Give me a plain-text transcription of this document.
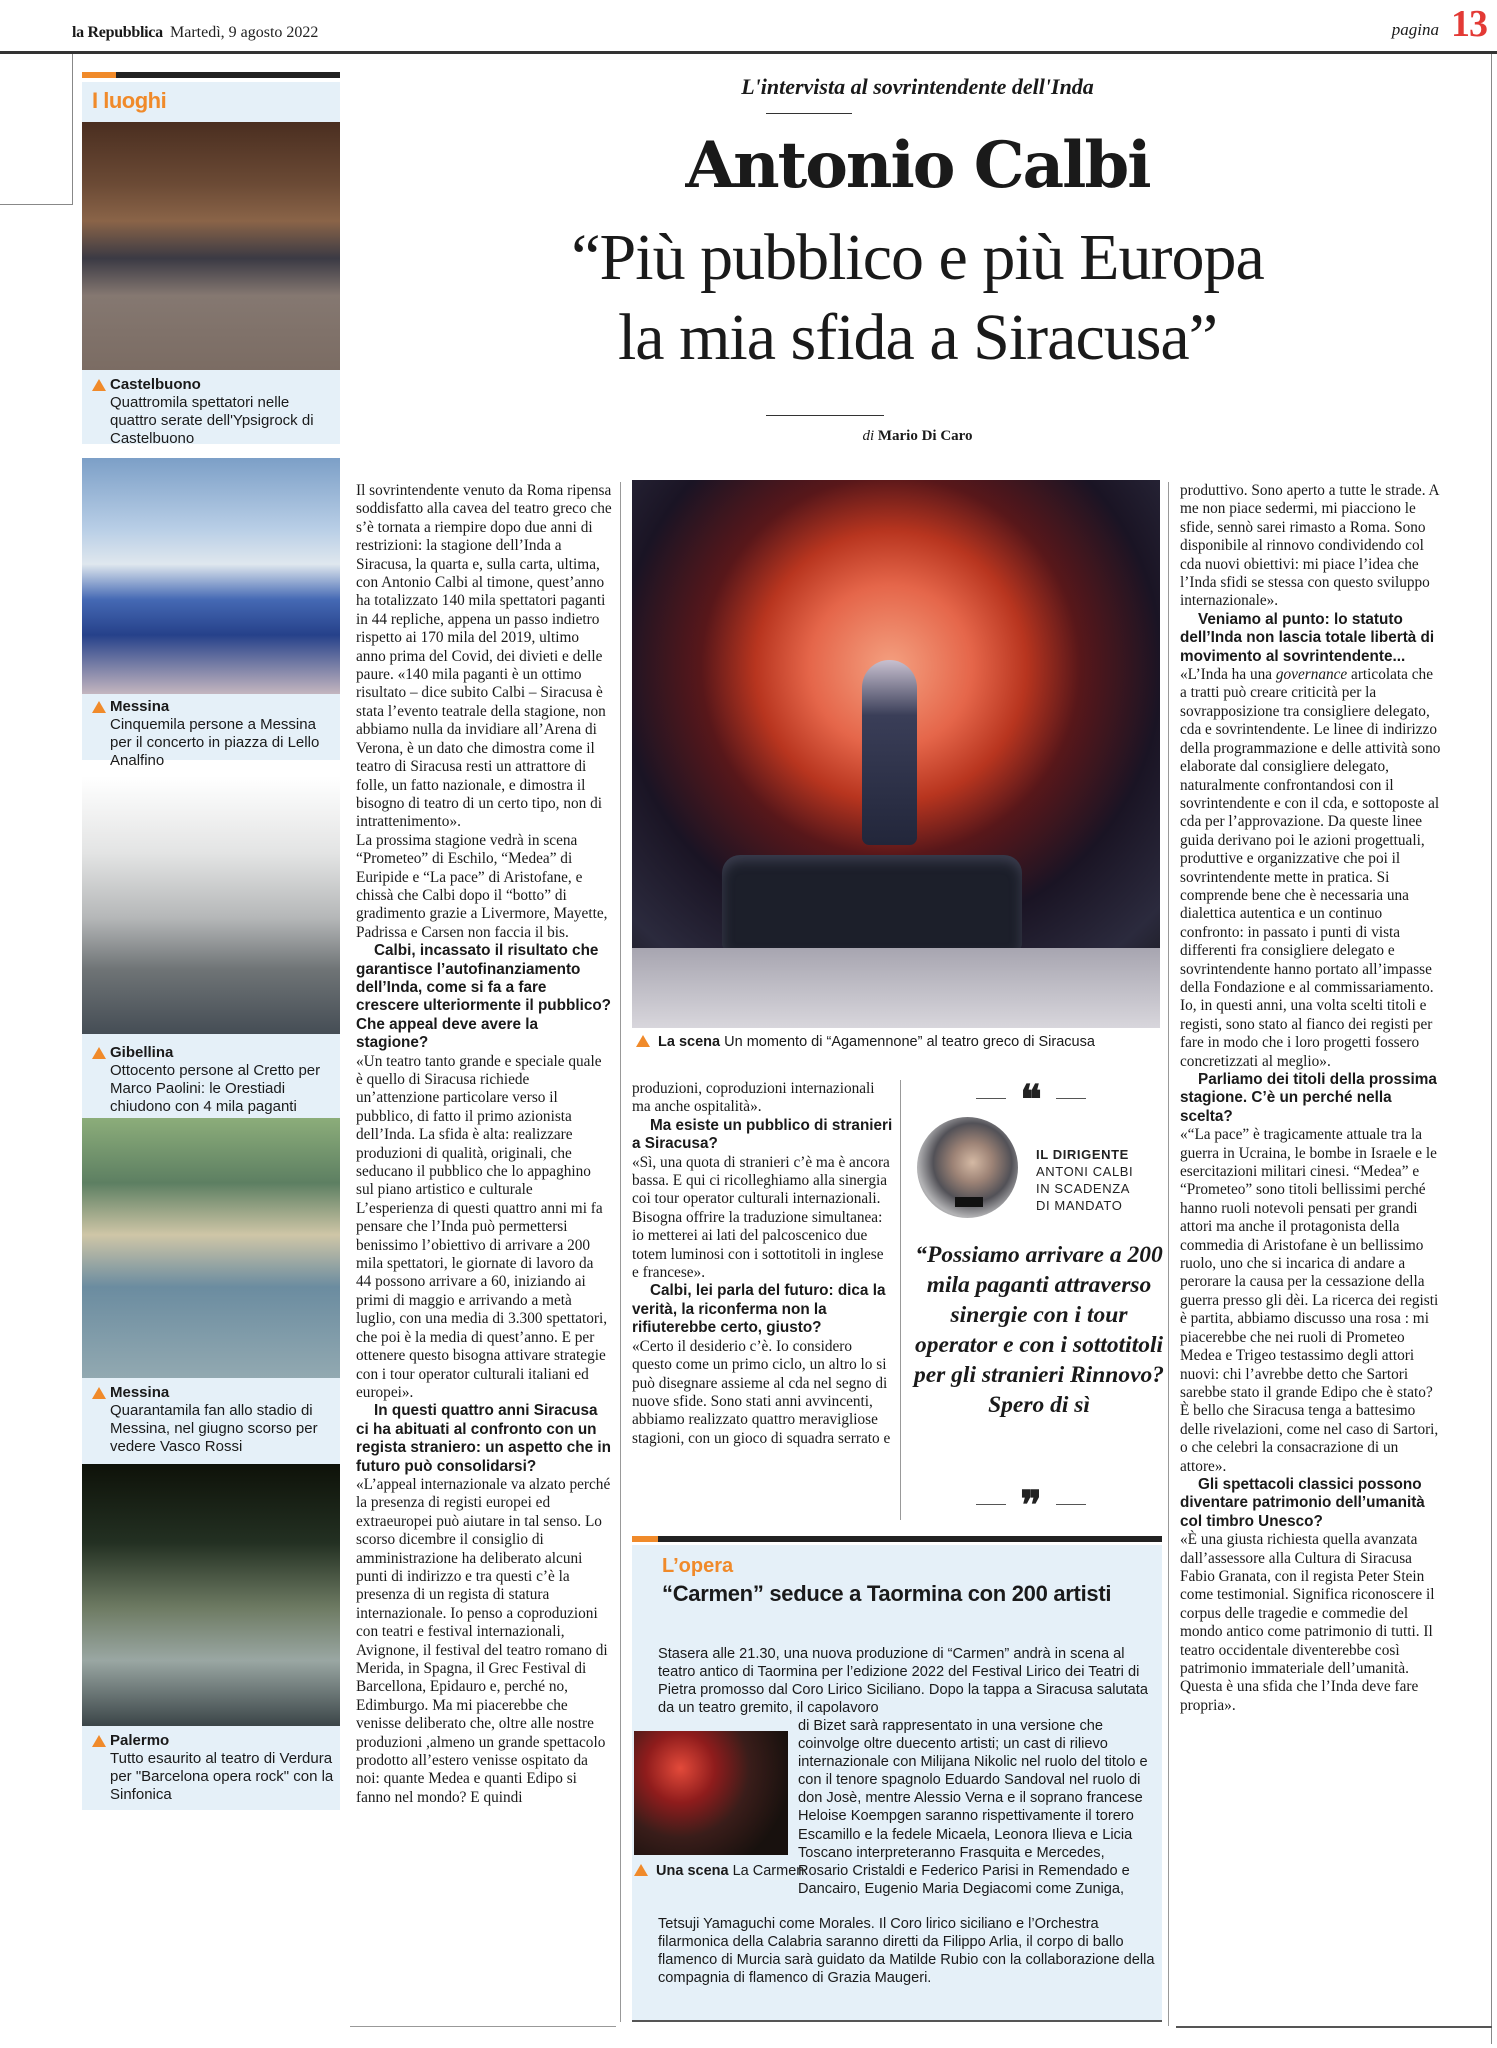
la Repubblica Martedì, 9 agosto 2022	pagina 13
I luoghi
Castelbuono
Quattromila spettatori nelle quattro serate dell'Ypsigrock di Castelbuono
Messina
Cinquemila persone a Messina per il concerto in piazza di Lello Analfino
Gibellina
Ottocento persone al Cretto per Marco Paolini: le Orestiadi chiudono con 4 mila paganti
Messina
Quarantamila fan allo stadio di Messina, nel giugno scorso per vedere Vasco Rossi
Palermo
Tutto esaurito al teatro di Verdura per "Barcelona opera rock" con la Sinfonica
L'intervista al sovrintendente dell'Inda
Antonio Calbi
“Più pubblico e più Europa
la mia sfida a Siracusa”
di Mario Di Caro

Il sovrintendente venuto da Roma ripensa soddisfatto alla cavea del teatro greco che s’è tornata a riempire dopo due anni di restrizioni: la stagione dell’Inda a Siracusa, la quarta e, sulla carta, ultima, con Antonio Calbi al timone, quest’anno ha totalizzato 140 mila spettatori paganti in 44 repliche, appena un passo indietro rispetto ai 170 mila del 2019, ultimo anno prima del Covid, dei divieti e delle paure. «140 mila paganti è un ottimo risultato – dice subito Calbi – Siracusa è stata l’evento teatrale della stagione, non abbiamo nulla da invidiare all’Arena di Verona, è un dato che dimostra come il teatro di Siracusa resti un attrattore di folle, un fatto nazionale, e dimostra il bisogno di teatro di un certo tipo, non di intrattenimento».

La prossima stagione vedrà in scena “Prometeo” di Eschilo, “Medea” di Euripide e “La pace” di Aristofane, e chissà che Calbi dopo il “botto” di gradimento grazie a Livermore, Mayette, Padrissa e Carsen non faccia il bis.

Calbi, incassato il risultato che garantisce l’autofinanziamento dell’Inda, come si fa a fare crescere ulteriormente il pubblico? Che appeal deve avere la stagione?

«Un teatro tanto grande e speciale quale è quello di Siracusa richiede un’attenzione particolare verso il pubblico, di fatto il primo azionista dell’Inda. La sfida è alta: realizzare produzioni di qualità, originali, che seducano il pubblico che lo appaghino sul piano artistico e culturale L’esperienza di questi quattro anni mi fa pensare che l’Inda può permettersi benissimo l’obiettivo di arrivare a 200 mila spettatori, le giornate di lavoro da 44 possono arrivare a 60, iniziando ai primi di maggio e arrivando a metà luglio, con una media di 3.300 spettatori, che poi è la media di quest’anno. E per ottenere questo bisogna attivare strategie con i tour operator culturali italiani ed europei».

In questi quattro anni Siracusa ci ha abituati al confronto con un regista straniero: un aspetto che in futuro può consolidarsi?

«L’appeal internazionale va alzato perché la presenza di registi europei ed extraeuropei può aiutare in tal senso. Lo scorso dicembre il consiglio di amministrazione ha deliberato alcuni punti di indirizzo e tra questi c’è la presenza di un regista di statura internazionale. Io penso a coproduzioni con teatri e festival internazionali, Avignone, il festival del teatro romano di Merida, in Spagna, il Grec Festival di Barcellona, Epidauro e, perché no, Edimburgo. Ma mi piacerebbe che venisse deliberato che, oltre alle nostre produzioni ,almeno un grande spettacolo prodotto all’estero venisse ospitato da noi: quante Medea e quanti Edipo si fanno nel mondo? E quindi

La scena Un momento di “Agamennone” al teatro greco di Siracusa

produzioni, coproduzioni internazionali ma anche ospitalità».

Ma esiste un pubblico di stranieri a Siracusa?

«Sì, una quota di stranieri c’è ma è ancora bassa. E qui ci ricolleghiamo alla sinergia coi tour operator culturali internazionali. Bisogna offrire la traduzione simultanea: io metterei ai lati del palcoscenico due totem luminosi con i sottotitoli in inglese e francese».

Calbi, lei parla del futuro: dica la verità, la riconferma non la rifiuterebbe certo, giusto?

«Certo il desiderio c’è. Io considero questo come un primo ciclo, un altro lo si può disegnare assieme al cda nel segno di nuove sfide. Sono stati anni avvincenti, abbiamo realizzato quattro meravigliose stagioni, con un gioco di squadra serrato e

❝
IL DIRIGENTE
ANTONI CALBI
IN SCADENZA
DI MANDATO
“Possiamo arrivare a 200 mila paganti attraverso sinergie con i tour operator e con i sottotitoli per gli stranieri Rinnovo? Spero di sì
❞

produttivo. Sono aperto a tutte le strade. A me non piace sedermi, mi piacciono le sfide, sennò sarei rimasto a Roma. Sono disponibile al rinnovo condividendo col cda nuovi obiettivi: mi piace l’idea che l’Inda sfidi se stessa con questo sviluppo internazionale».

Veniamo al punto: lo statuto dell’Inda non lascia totale libertà di movimento al sovrintendente...

«L’Inda ha una governance articolata che a tratti può creare criticità per la sovrapposizione tra consigliere delegato, cda e sovrintendente. Le linee di indirizzo della programmazione e delle attività sono elaborate dal consigliere delegato, naturalmente confrontandosi con il sovrintendente e con il cda, e sottoposte al cda per l’approvazione. Da queste linee guida derivano poi le azioni progettuali, produttive e organizzative che poi il sovrintendente mette in pratica. Si comprende bene che è necessaria una dialettica autentica e un continuo confronto: in passato i punti di vista differenti fra consigliere delegato e sovrintendente hanno portato all’impasse della Fondazione e al commissariamento. Io, in questi anni, una volta scelti titoli e registi, sono stato al fianco dei registi per fare in modo che i loro progetti fossero concretizzati al meglio».

Parliamo dei titoli della prossima stagione. C’è un perché nella scelta?

«“La pace” è tragicamente attuale tra la guerra in Ucraina, le bombe in Israele e le esercitazioni militari cinesi. “Medea” e “Prometeo” sono titoli bellissimi perché hanno ruoli notevoli pensati per grandi attori ma anche il protagonista della commedia di Aristofane è un bellissimo ruolo, uno che si incarica di andare a perorare la causa per la cessazione della guerra presso gli dèi. La ricerca dei registi è partita, abbiamo discusso una rosa : mi piacerebbe che nei ruoli di Prometeo Medea e Trigeo testassimo degli attori nuovi: chi l’avrebbe detto che Sartori sarebbe stato il grande Edipo che è stato? È bello che Siracusa tenga a battesimo delle rivelazioni, come nel caso di Sartori, o che celebri la consacrazione di un attore».

Gli spettacoli classici possono diventare patrimonio dell’umanità col timbro Unesco?

«È una giusta richiesta quella avanzata dall’assessore alla Cultura di Siracusa Fabio Granata, con il regista Peter Stein come testimonial. Significa riconoscere il corpus delle tragedie e commedie del mondo antico come patrimonio di tutti. Il teatro occidentale diventerebbe così patrimonio immateriale dell’umanità. Questa è una sfida che l’Inda deve fare propria».

L’opera
“Carmen” seduce a Taormina con 200 artisti
Stasera alle 21.30, una nuova produzione di “Carmen” andrà in scena al teatro antico di Taormina per l’edizione 2022 del Festival Lirico dei Teatri di Pietra promosso dal Coro Lirico Siciliano. Dopo la tappa a Siracusa salutata da un teatro gremito, il capolavoro
Una scena La Carmen
di Bizet sarà rappresentato in una versione che coinvolge oltre duecento artisti; un cast di rilievo internazionale con Milijana Nikolic nel ruolo del titolo e con il tenore spagnolo Eduardo Sandoval nel ruolo di don Josè, mentre Alessio Verna e il soprano francese Heloise Koempgen saranno rispettivamente il torero Escamillo e la fedele Micaela, Leonora Ilieva e Licia Toscano interpreteranno Frasquita e Mercedes, Rosario Cristaldi e Federico Parisi in Remendado e Dancairo, Eugenio Maria Degiacomi come Zuniga,
Tetsuji Yamaguchi come Morales. Il Coro lirico siciliano e l’Orchestra filarmonica della Calabria saranno diretti da Filippo Arlia, il corpo di ballo flamenco di Murcia sarà guidato da Matilde Rubio con la collaborazione della compagnia di flamenco di Grazia Maugeri.
